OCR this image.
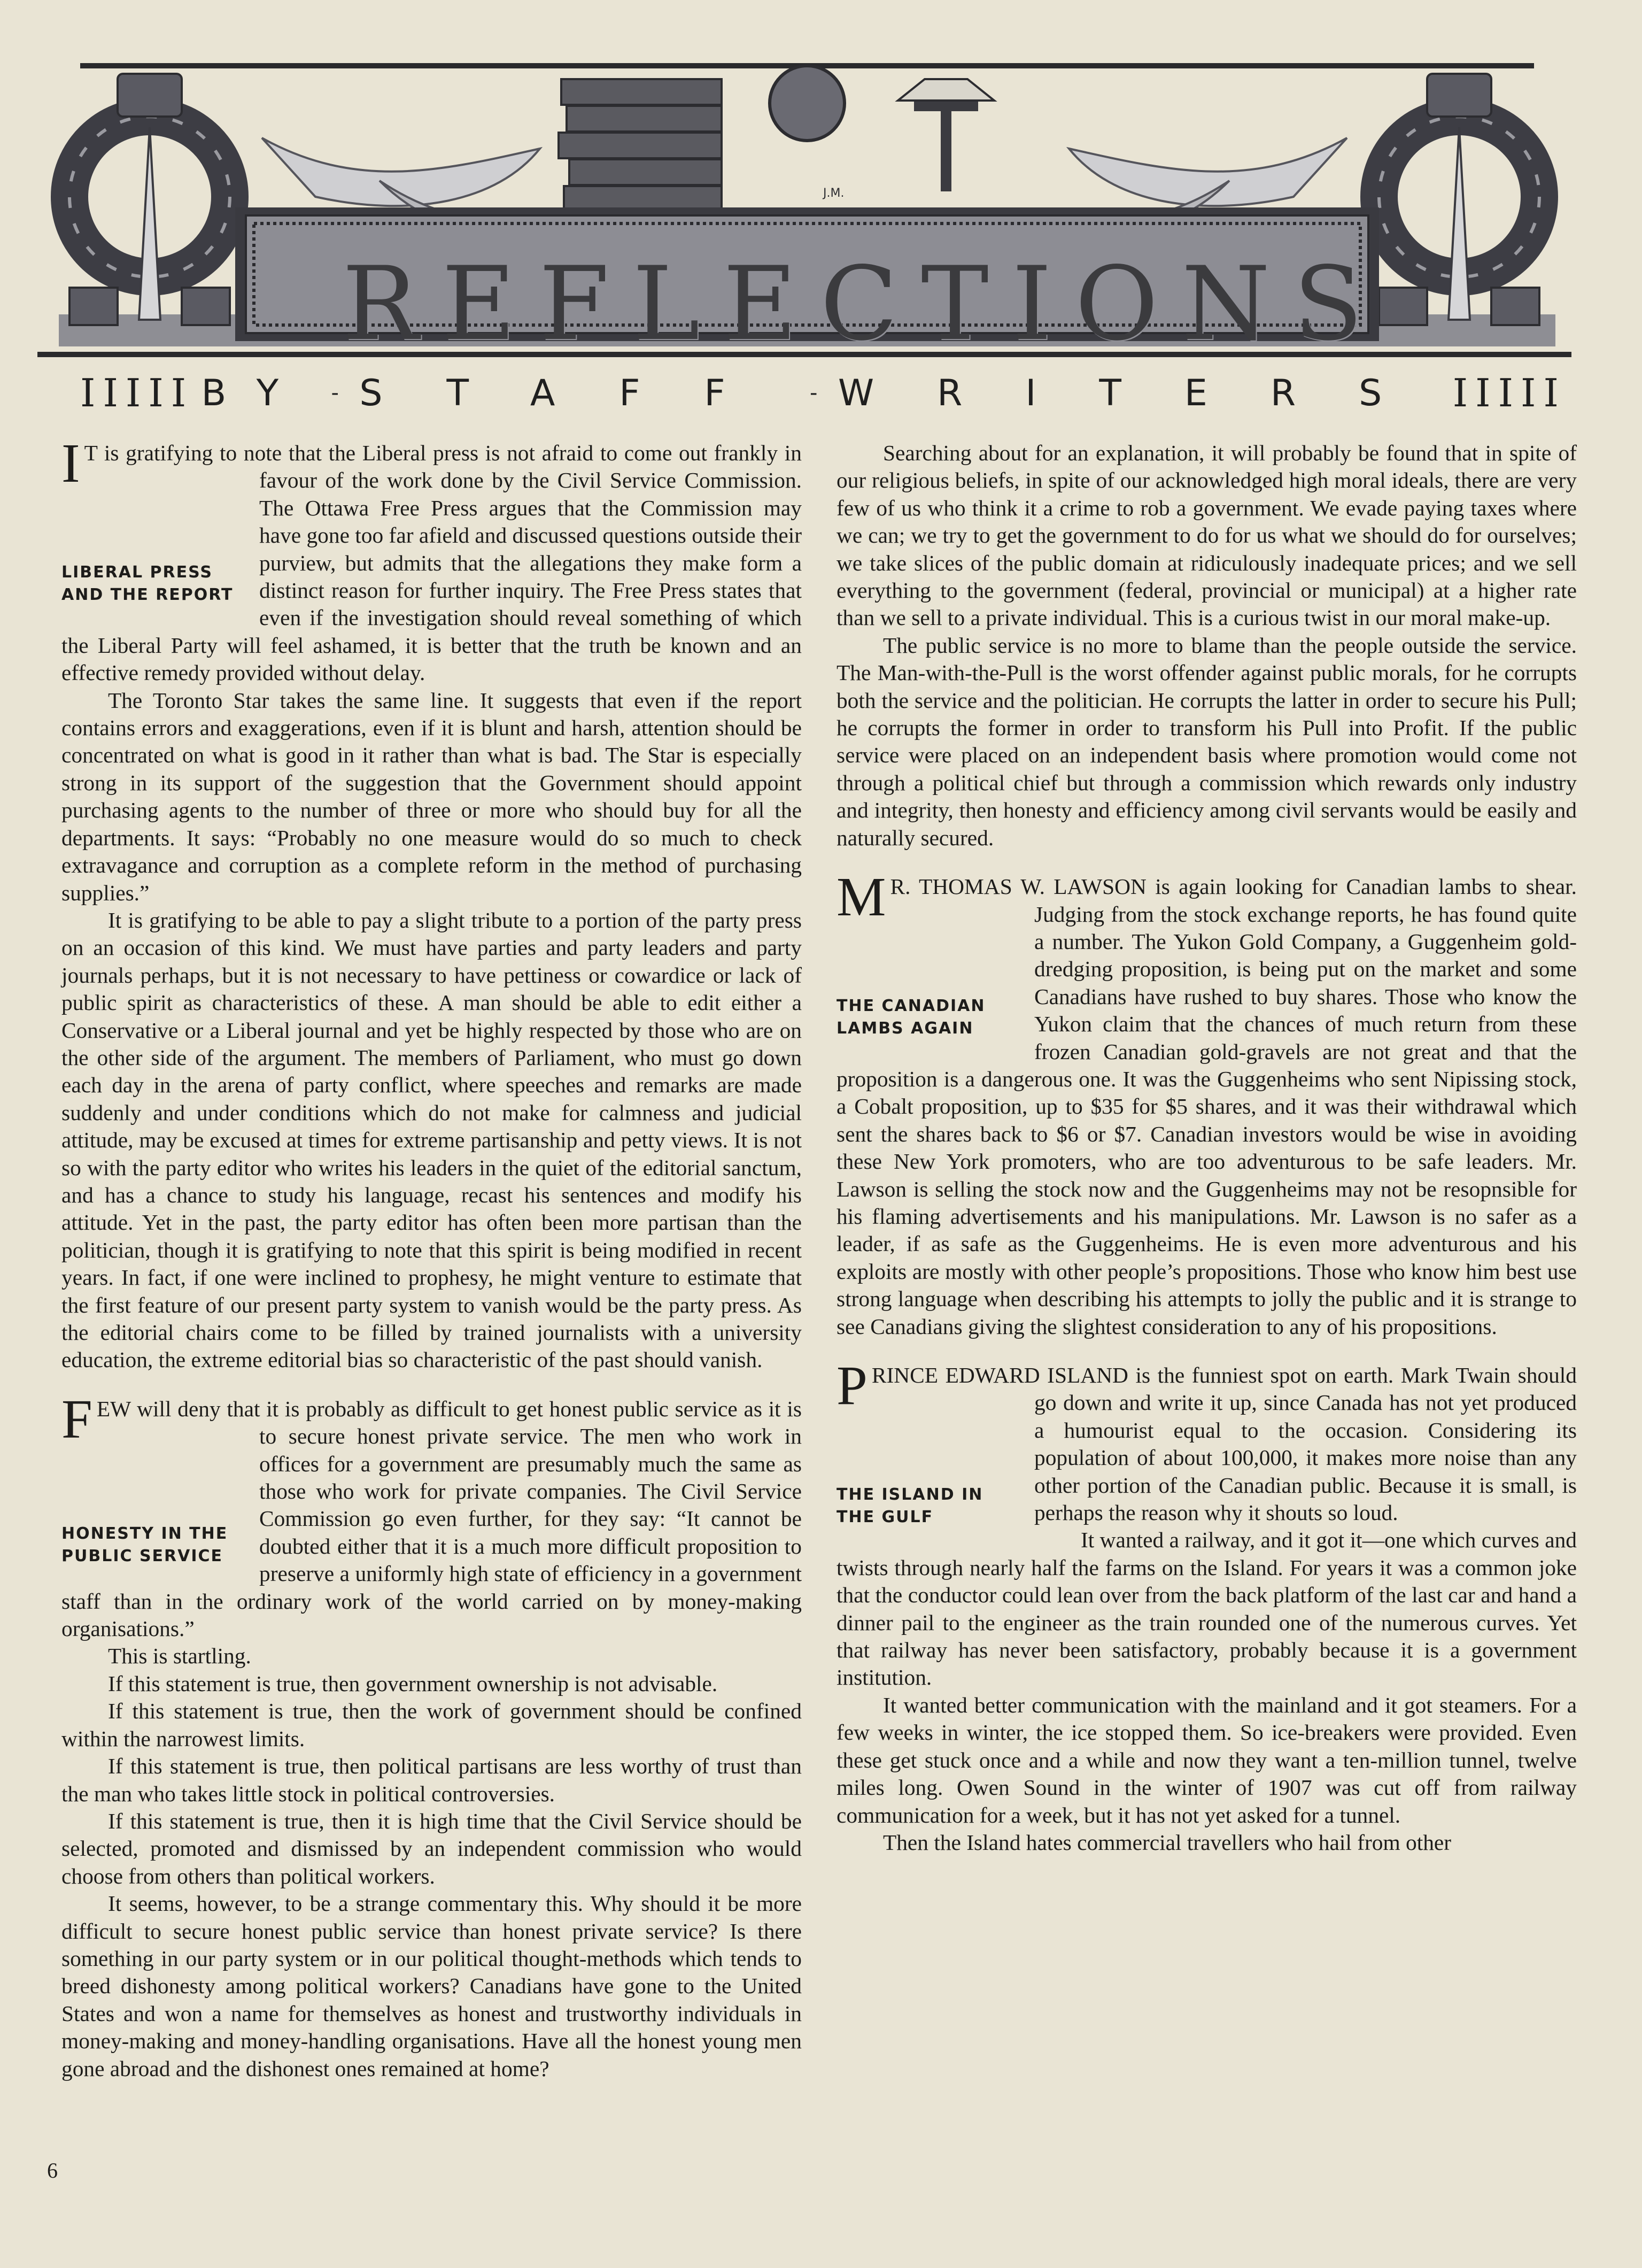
J.M.
R E F L E C T I O N S
IIIII BY - STAFF - WRITERS IIIII

I
LIBERAL PRESS AND THE REPORT
T is gratifying to note that the Liberal press is not afraid to come out frankly in favour of the work done by the Civil Service Commission. The Ottawa Free Press argues that the Commission may have gone too far afield and discussed questions outside their purview, but admits that the allegations they make form a distinct reason for further inquiry. The Free Press states that even if the investigation should reveal something of which the Liberal Party will feel ashamed, it is better that the truth be known and an effective remedy provided without delay.

The Toronto Star takes the same line. It suggests that even if the report contains errors and exaggerations, even if it is blunt and harsh, attention should be concentrated on what is good in it rather than what is bad. The Star is especially strong in its support of the suggestion that the Government should appoint purchasing agents to the number of three or more who should buy for all the departments. It says: “Probably no one measure would do so much to check extravagance and corruption as a complete reform in the method of purchasing supplies.”

It is gratifying to be able to pay a slight tribute to a portion of the party press on an occasion of this kind. We must have parties and party leaders and party journals perhaps, but it is not necessary to have pettiness or cowardice or lack of public spirit as characteristics of these. A man should be able to edit either a Conservative or a Liberal journal and yet be highly respected by those who are on the other side of the argument. The members of Parliament, who must go down each day in the arena of party conflict, where speeches and remarks are made suddenly and under conditions which do not make for calmness and judicial attitude, may be excused at times for extreme partisanship and petty views. It is not so with the party editor who writes his leaders in the quiet of the editorial sanctum, and has a chance to study his language, recast his sentences and modify his attitude. Yet in the past, the party editor has often been more partisan than the politician, though it is gratifying to note that this spirit is being modified in recent years. In fact, if one were inclined to prophesy, he might venture to estimate that the first feature of our present party system to vanish would be the party press. As the editorial chairs come to be filled by trained journalists with a university education, the extreme editorial bias so characteristic of the past should vanish.

F
HONESTY IN THE PUBLIC SERVICE
EW will deny that it is probably as difficult to get honest public service as it is to secure honest private service. The men who work in offices for a government are presumably much the same as those who work for private companies. The Civil Service Commission go even further, for they say: “It cannot be doubted either that it is a much more difficult proposition to preserve a uniformly high state of efficiency in a government staff than in the ordinary work of the world carried on by money-making organisations.”

This is startling.

If this statement is true, then government ownership is not advisable.

If this statement is true, then the work of government should be confined within the narrowest limits.

If this statement is true, then political partisans are less worthy of trust than the man who takes little stock in political controversies.

If this statement is true, then it is high time that the Civil Service should be selected, promoted and dismissed by an independent commission who would choose from others than political workers.

It seems, however, to be a strange commentary this. Why should it be more difficult to secure honest public service than honest private service? Is there something in our party system or in our political thought-methods which tends to breed dishonesty among political workers? Canadians have gone to the United States and won a name for themselves as honest and trustworthy individuals in money-making and money-handling organisations. Have all the honest young men gone abroad and the dishonest ones remained at home?

Searching about for an explanation, it will probably be found that in spite of our religious beliefs, in spite of our acknowledged high moral ideals, there are very few of us who think it a crime to rob a government. We evade paying taxes where we can; we try to get the government to do for us what we should do for ourselves; we take slices of the public domain at ridiculously inadequate prices; and we sell everything to the government (federal, provincial or municipal) at a higher rate than we sell to a private individual. This is a curious twist in our moral make-up.

The public service is no more to blame than the people outside the service. The Man-with-the-Pull is the worst offender against public morals, for he corrupts both the service and the politician. He corrupts the latter in order to secure his Pull; he corrupts the former in order to transform his Pull into Profit. If the public service were placed on an independent basis where promotion would come not through a political chief but through a commission which rewards only industry and integrity, then honesty and efficiency among civil servants would be easily and naturally secured.

M
THE CANADIAN LAMBS AGAIN
R. THOMAS W. LAWSON is again looking for Canadian lambs to shear. Judging from the stock exchange reports, he has found quite a number. The Yukon Gold Company, a Guggenheim gold-dredging proposition, is being put on the market and some Canadians have rushed to buy shares. Those who know the Yukon claim that the chances of much return from these frozen Canadian gold-gravels are not great and that the proposition is a dangerous one. It was the Guggenheims who sent Nipissing stock, a Cobalt proposition, up to $35 for $5 shares, and it was their withdrawal which sent the shares back to $6 or $7. Canadian investors would be wise in avoiding these New York promoters, who are too adventurous to be safe leaders. Mr. Lawson is selling the stock now and the Guggenheims may not be resopnsible for his flaming advertisements and his manipulations. Mr. Lawson is no safer as a leader, if as safe as the Guggenheims. He is even more adventurous and his exploits are mostly with other people’s propositions. Those who know him best use strong language when describing his attempts to jolly the public and it is strange to see Canadians giving the slightest consideration to any of his propositions.

P
THE ISLAND IN THE GULF
RINCE EDWARD ISLAND is the funniest spot on earth. Mark Twain should go down and write it up, since Canada has not yet produced a humourist equal to the occasion. Considering its population of about 100,000, it makes more noise than any other portion of the Canadian public. Because it is small, is perhaps the reason why it shouts so loud.

It wanted a railway, and it got it—one which curves and twists through nearly half the farms on the Island. For years it was a common joke that the conductor could lean over from the back platform of the last car and hand a dinner pail to the engineer as the train rounded one of the numerous curves. Yet that railway has never been satisfactory, probably because it is a government institution.

It wanted better communication with the mainland and it got steamers. For a few weeks in winter, the ice stopped them. So ice-breakers were provided. Even these get stuck once and a while and now they want a ten-million tunnel, twelve miles long. Owen Sound in the winter of 1907 was cut off from railway communication for a week, but it has not yet asked for a tunnel.

Then the Island hates commercial travellers who hail from other

6
